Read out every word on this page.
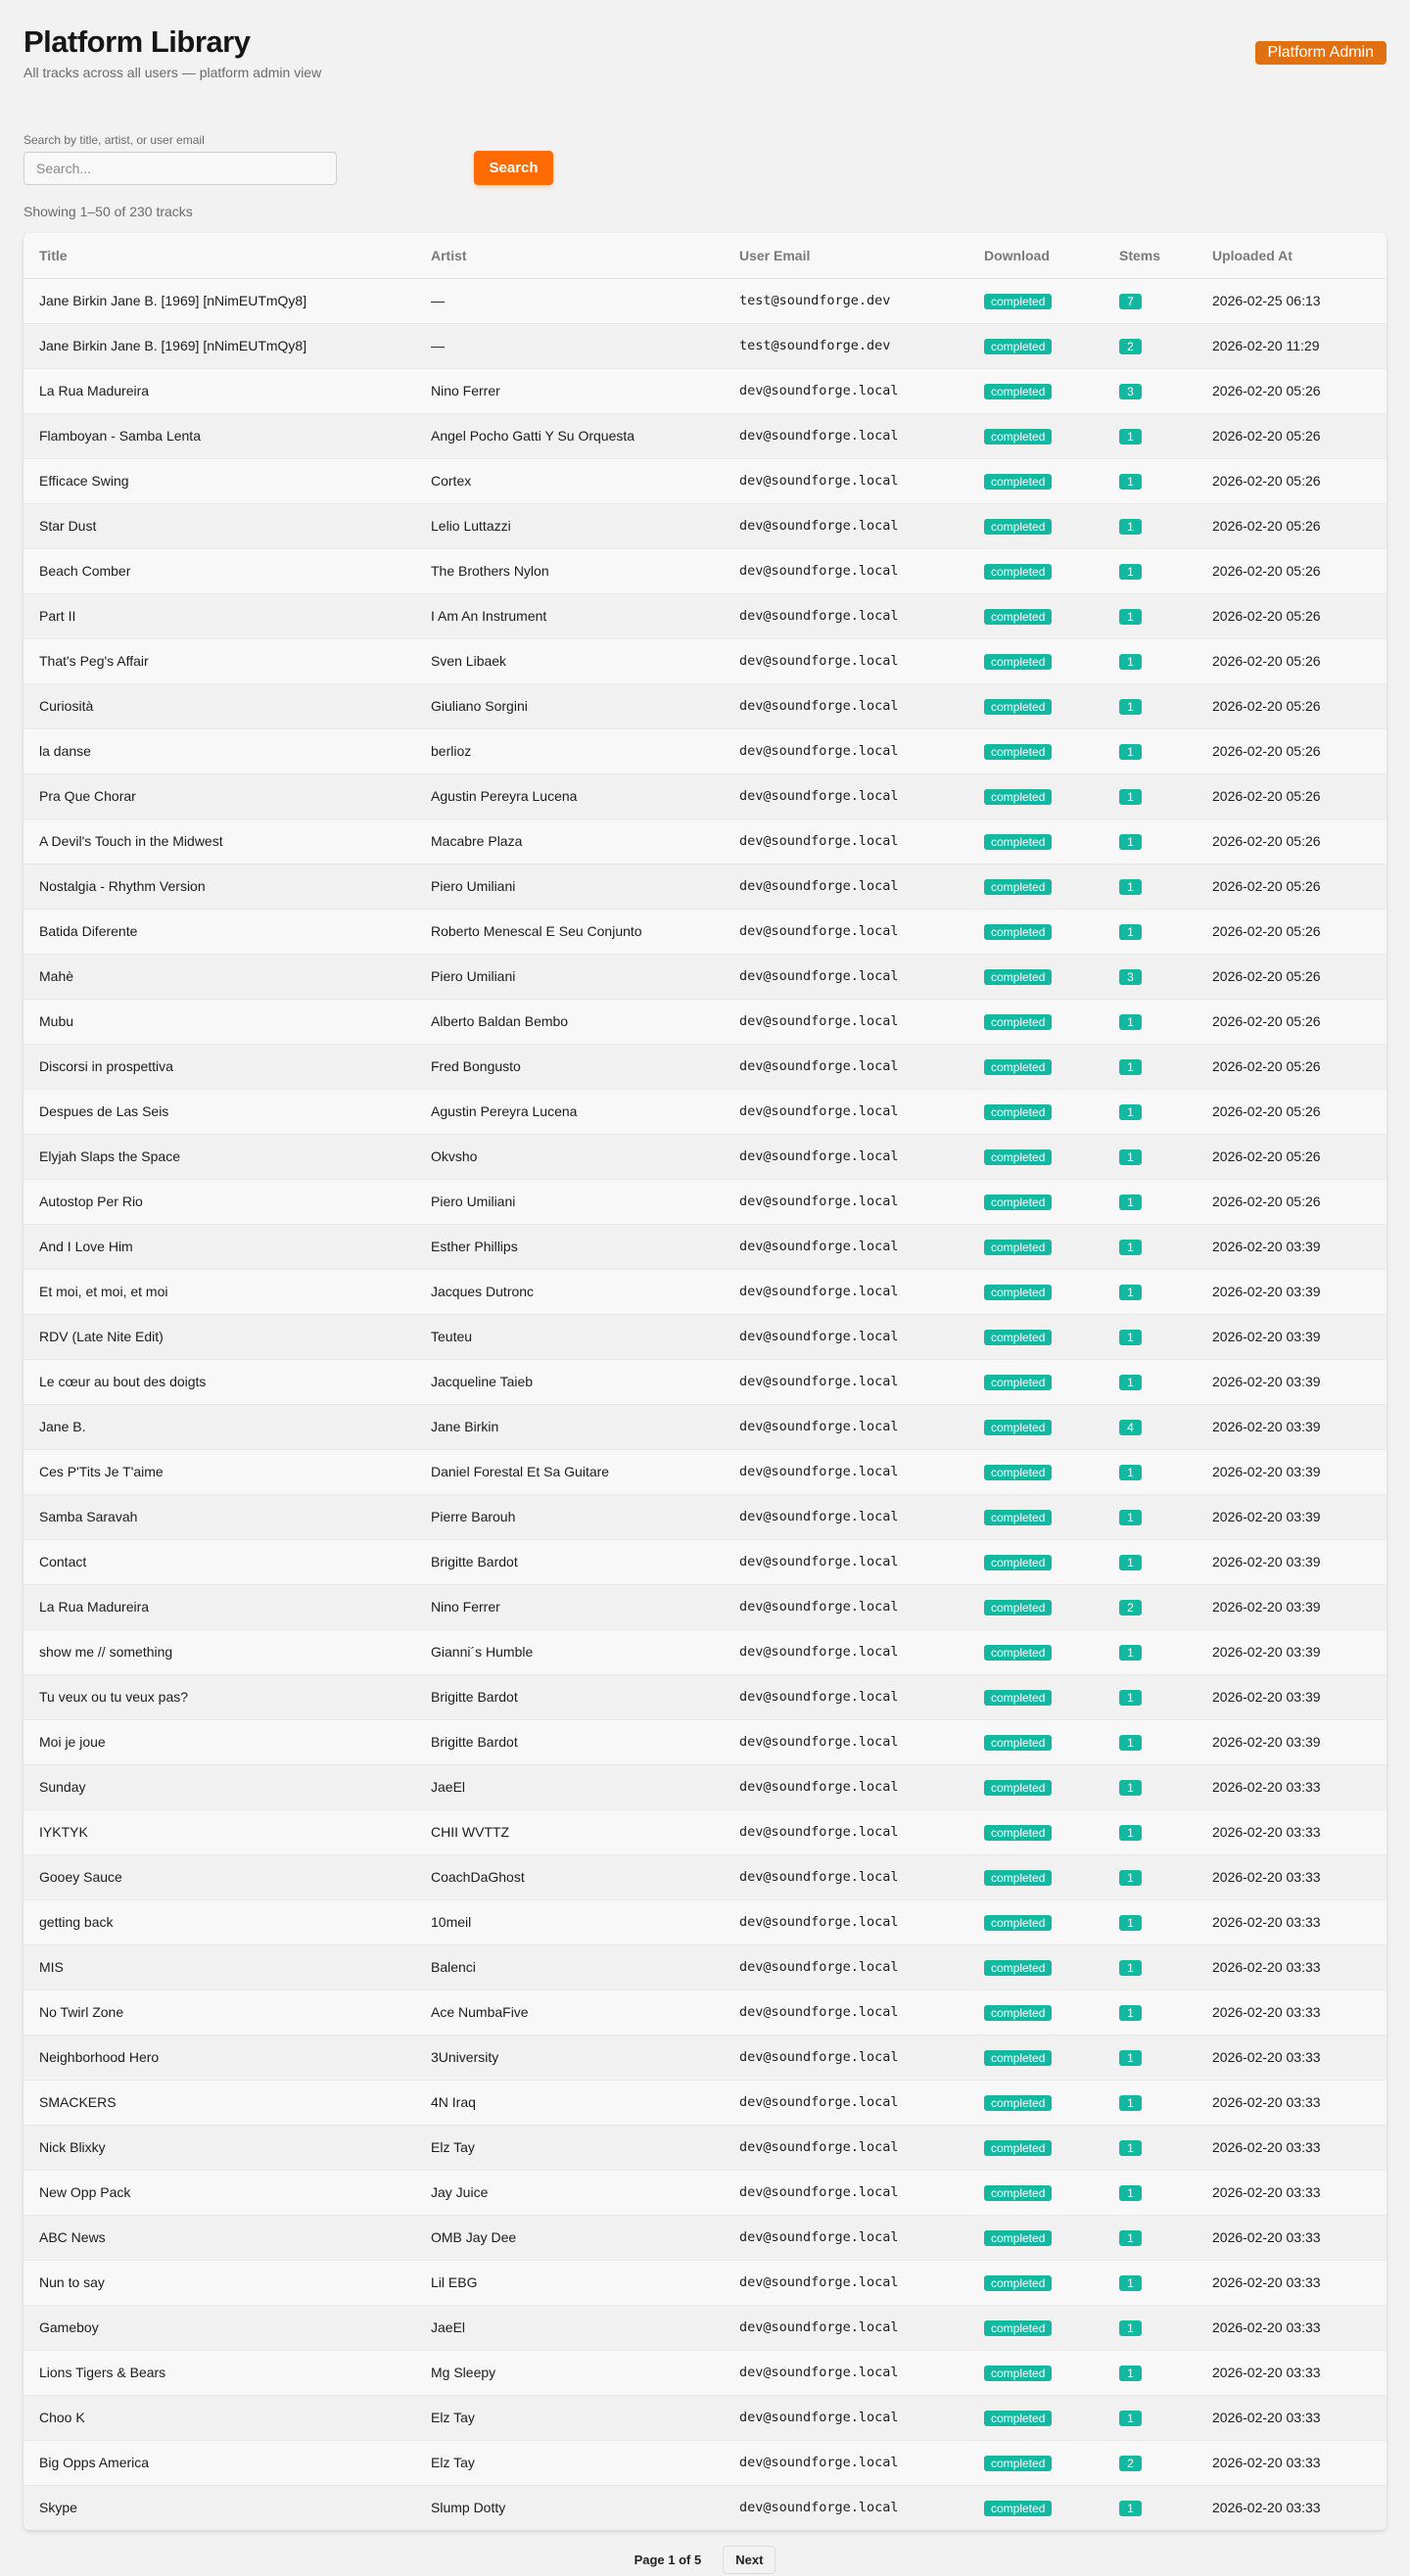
Platform Library

All tracks across all users — platform admin view

Platform Admin
Search by title, artist, or user email
Search...
Search

Showing 1–50 of 230 tracks

Title	Artist	User Email	Download	Stems	Uploaded At
Jane Birkin Jane B. [1969] [nNimEUTmQy8]	—	test@soundforge.dev	completed	7	2026-02-25 06:13
Jane Birkin Jane B. [1969] [nNimEUTmQy8]	—	test@soundforge.dev	completed	2	2026-02-20 11:29
La Rua Madureira	Nino Ferrer	dev@soundforge.local	completed	3	2026-02-20 05:26
Flamboyan - Samba Lenta	Angel Pocho Gatti Y Su Orquesta	dev@soundforge.local	completed	1	2026-02-20 05:26
Efficace Swing	Cortex	dev@soundforge.local	completed	1	2026-02-20 05:26
Star Dust	Lelio Luttazzi	dev@soundforge.local	completed	1	2026-02-20 05:26
Beach Comber	The Brothers Nylon	dev@soundforge.local	completed	1	2026-02-20 05:26
Part II	I Am An Instrument	dev@soundforge.local	completed	1	2026-02-20 05:26
That's Peg's Affair	Sven Libaek	dev@soundforge.local	completed	1	2026-02-20 05:26
Curiosità	Giuliano Sorgini	dev@soundforge.local	completed	1	2026-02-20 05:26
la danse	berlioz	dev@soundforge.local	completed	1	2026-02-20 05:26
Pra Que Chorar	Agustin Pereyra Lucena	dev@soundforge.local	completed	1	2026-02-20 05:26
A Devil's Touch in the Midwest	Macabre Plaza	dev@soundforge.local	completed	1	2026-02-20 05:26
Nostalgia - Rhythm Version	Piero Umiliani	dev@soundforge.local	completed	1	2026-02-20 05:26
Batida Diferente	Roberto Menescal E Seu Conjunto	dev@soundforge.local	completed	1	2026-02-20 05:26
Mahè	Piero Umiliani	dev@soundforge.local	completed	3	2026-02-20 05:26
Mubu	Alberto Baldan Bembo	dev@soundforge.local	completed	1	2026-02-20 05:26
Discorsi in prospettiva	Fred Bongusto	dev@soundforge.local	completed	1	2026-02-20 05:26
Despues de Las Seis	Agustin Pereyra Lucena	dev@soundforge.local	completed	1	2026-02-20 05:26
Elyjah Slaps the Space	Okvsho	dev@soundforge.local	completed	1	2026-02-20 05:26
Autostop Per Rio	Piero Umiliani	dev@soundforge.local	completed	1	2026-02-20 05:26
And I Love Him	Esther Phillips	dev@soundforge.local	completed	1	2026-02-20 03:39
Et moi, et moi, et moi	Jacques Dutronc	dev@soundforge.local	completed	1	2026-02-20 03:39
RDV (Late Nite Edit)	Teuteu	dev@soundforge.local	completed	1	2026-02-20 03:39
Le cœur au bout des doigts	Jacqueline Taieb	dev@soundforge.local	completed	1	2026-02-20 03:39
Jane B.	Jane Birkin	dev@soundforge.local	completed	4	2026-02-20 03:39
Ces P'Tits Je T'aime	Daniel Forestal Et Sa Guitare	dev@soundforge.local	completed	1	2026-02-20 03:39
Samba Saravah	Pierre Barouh	dev@soundforge.local	completed	1	2026-02-20 03:39
Contact	Brigitte Bardot	dev@soundforge.local	completed	1	2026-02-20 03:39
La Rua Madureira	Nino Ferrer	dev@soundforge.local	completed	2	2026-02-20 03:39
show me // something	Gianni´s Humble	dev@soundforge.local	completed	1	2026-02-20 03:39
Tu veux ou tu veux pas?	Brigitte Bardot	dev@soundforge.local	completed	1	2026-02-20 03:39
Moi je joue	Brigitte Bardot	dev@soundforge.local	completed	1	2026-02-20 03:39
Sunday	JaeEl	dev@soundforge.local	completed	1	2026-02-20 03:33
IYKTYK	CHII WVTTZ	dev@soundforge.local	completed	1	2026-02-20 03:33
Gooey Sauce	CoachDaGhost	dev@soundforge.local	completed	1	2026-02-20 03:33
getting back	10meil	dev@soundforge.local	completed	1	2026-02-20 03:33
MIS	Balenci	dev@soundforge.local	completed	1	2026-02-20 03:33
No Twirl Zone	Ace NumbaFive	dev@soundforge.local	completed	1	2026-02-20 03:33
Neighborhood Hero	3University	dev@soundforge.local	completed	1	2026-02-20 03:33
SMACKERS	4N Iraq	dev@soundforge.local	completed	1	2026-02-20 03:33
Nick Blixky	Elz Tay	dev@soundforge.local	completed	1	2026-02-20 03:33
New Opp Pack	Jay Juice	dev@soundforge.local	completed	1	2026-02-20 03:33
ABC News	OMB Jay Dee	dev@soundforge.local	completed	1	2026-02-20 03:33
Nun to say	Lil EBG	dev@soundforge.local	completed	1	2026-02-20 03:33
Gameboy	JaeEl	dev@soundforge.local	completed	1	2026-02-20 03:33
Lions Tigers & Bears	Mg Sleepy	dev@soundforge.local	completed	1	2026-02-20 03:33
Choo K	Elz Tay	dev@soundforge.local	completed	1	2026-02-20 03:33
Big Opps America	Elz Tay	dev@soundforge.local	completed	2	2026-02-20 03:33
Skype	Slump Dotty	dev@soundforge.local	completed	1	2026-02-20 03:33
Page 1 of 5	Next
